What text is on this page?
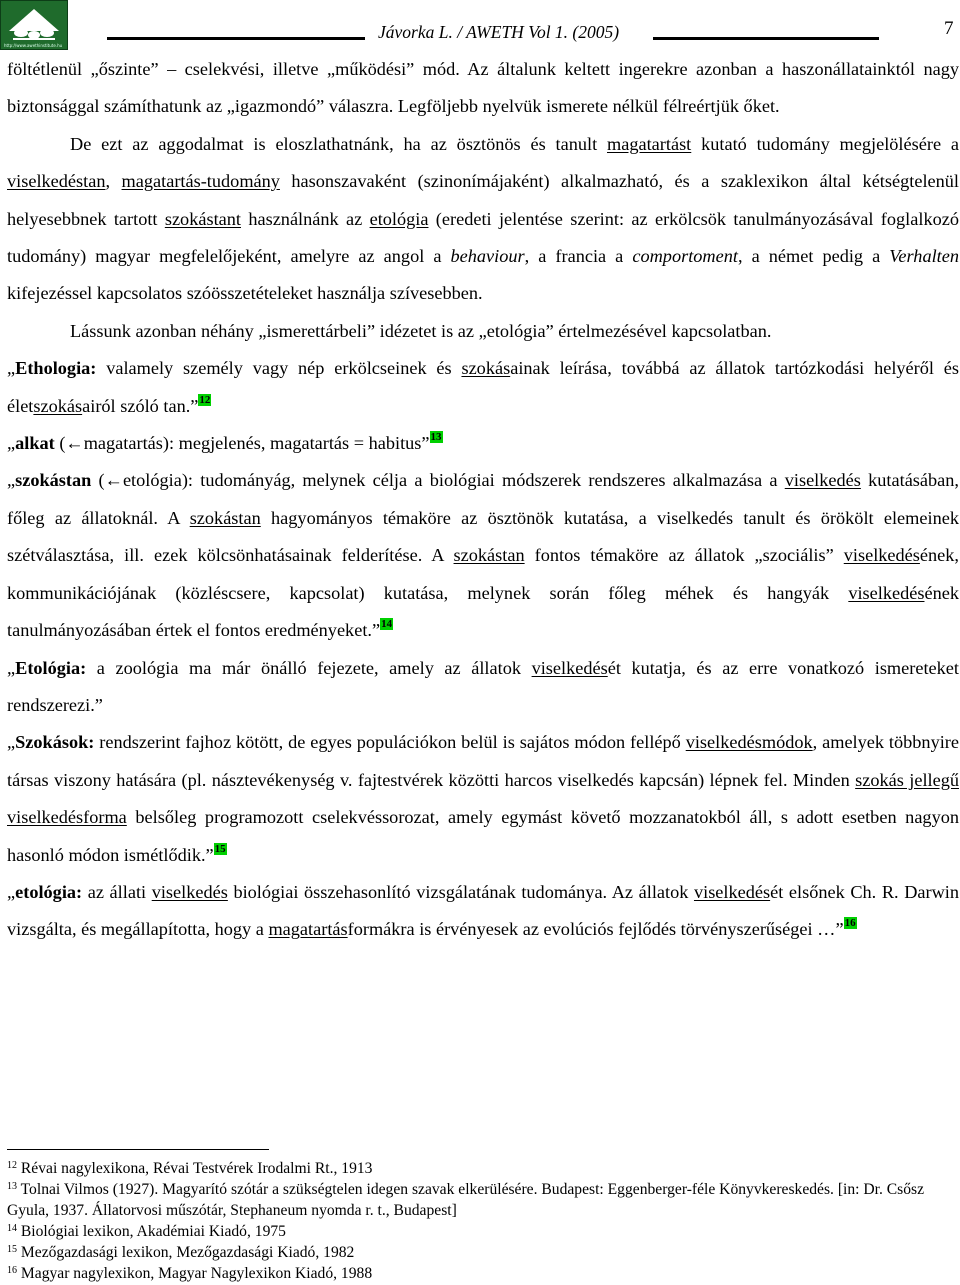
http://www.awethinstitute.hu
Jávorka L. / AWETH Vol 1. (2005)	7

föltétlenül „őszinte” – cselekvési, illetve „működési” mód. Az általunk keltett ingerekre azonban a haszonállatainktól nagy biztonsággal számíthatunk az „igazmondó” válaszra. Legföljebb nyelvük ismerete nélkül félreértjük őket.

De ezt az aggodalmat is eloszlathatnánk, ha az ösztönös és tanult magatartást kutató tudomány megjelölésére a viselkedéstan, magatartás-tudomány hasonszavaként (szinonímájaként) alkalmazható, és a szaklexikon által kétségtelenül helyesebbnek tartott szokástant használnánk az etológia (eredeti jelentése szerint: az erkölcsök tanulmányozásával foglalkozó tudomány) magyar megfelelőjeként, amelyre az angol a behaviour, a francia a comportoment, a német pedig a Verhalten kifejezéssel kapcsolatos szóösszetételeket használja szívesebben.

Lássunk azonban néhány „ismerettárbeli” idézetet is az „etológia” értelmezésével kapcsolatban.

„Ethologia: valamely személy vagy nép erkölcseinek és szokásainak leírása, továbbá az állatok tartózkodási helyéről és életszokásairól szóló tan.”$^{12}$

„alkat (←magatartás): megjelenés, magatartás = habitus”$^{13}$

„szokástan (←etológia): tudományág, melynek célja a biológiai módszerek rendszeres alkalmazása a viselkedés kutatásában, főleg az állatoknál. A szokástan hagyományos témaköre az ösztönök kutatása, a viselkedés tanult és örökölt elemeinek szétválasztása, ill. ezek kölcsönhatásainak felderítése. A szokástan fontos témaköre az állatok „szociális” viselkedésének, kommunikációjának (közléscsere, kapcsolat) kutatása, melynek során főleg méhek és hangyák viselkedésének tanulmányozásában értek el fontos eredményeket.”$^{14}$

„Etológia: a zoológia ma már önálló fejezete, amely az állatok viselkedését kutatja, és az erre vonatkozó ismereteket rendszerezi.”

„Szokások: rendszerint fajhoz kötött, de egyes populációkon belül is sajátos módon fellépő viselkedésmódok, amelyek többnyire társas viszony hatására (pl. násztevékenység v. fajtestvérek közötti harcos viselkedés kapcsán) lépnek fel. Minden szokás jellegű viselkedésforma belsőleg programozott cselekvéssorozat, amely egymást követő mozzanatokból áll, s adott esetben nagyon hasonló módon ismétlődik.”$^{15}$

„etológia: az állati viselkedés biológiai összehasonlító vizsgálatának tudománya. Az állatok viselkedését elsőnek Ch. R. Darwin vizsgálta, és megállapította, hogy a magatartásformákra is érvényesek az evolúciós fejlődés törvényszerűségei …”$^{16}$

$^{12}$ Révai nagylexikona, Révai Testvérek Irodalmi Rt., 1913
$^{13}$ Tolnai Vilmos (1927). Magyarító szótár a szükségtelen idegen szavak elkerülésére. Budapest: Eggenberger-féle Könyvkereskedés. [in: Dr. Csősz Gyula, 1937. Állatorvosi műszótár, Stephaneum nyomda r. t., Budapest]
$^{14}$ Biológiai lexikon, Akadémiai Kiadó, 1975
$^{15}$ Mezőgazdasági lexikon, Mezőgazdasági Kiadó, 1982
$^{16}$ Magyar nagylexikon, Magyar Nagylexikon Kiadó, 1988
